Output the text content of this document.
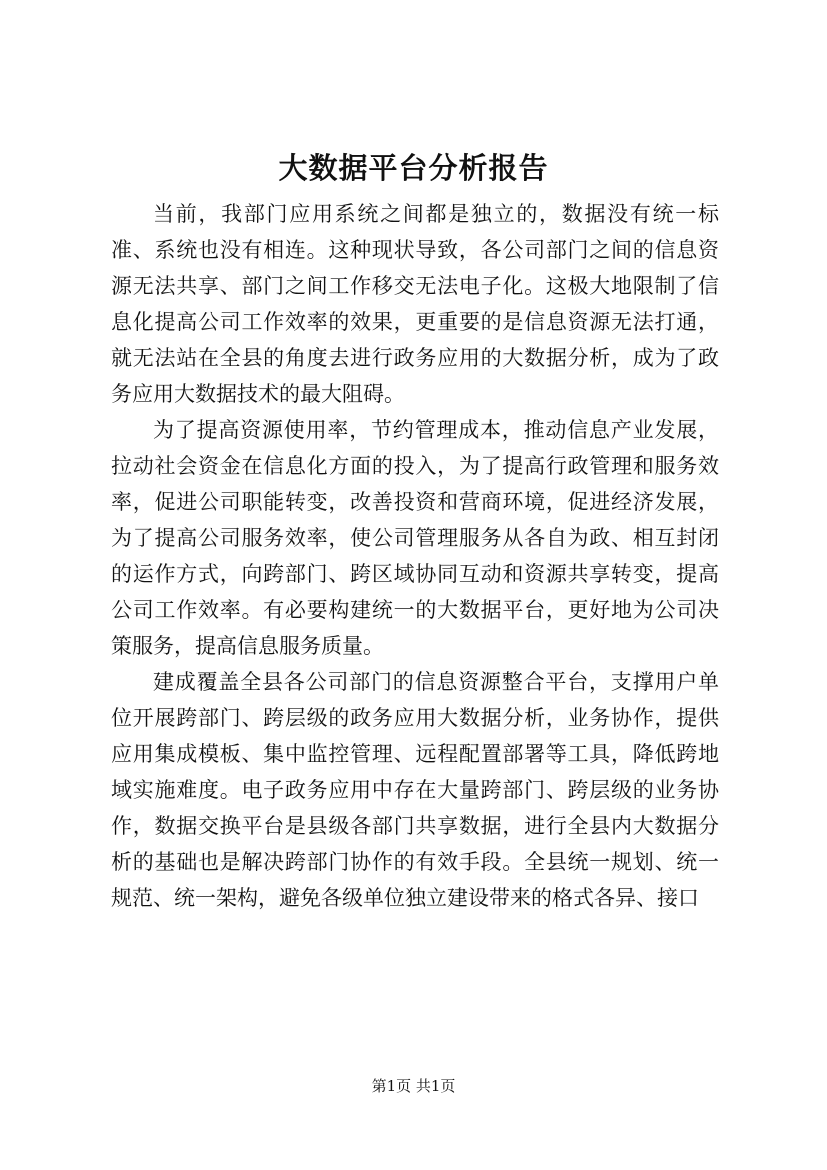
大数据平台分析报告

当前，我部门应用系统之间都是独立的，数据没有统一标准、系统也没有相连。这种现状导致，各公司部门之间的信息资源无法共享、部门之间工作移交无法电子化。这极大地限制了信息化提高公司工作效率的效果，更重要的是信息资源无法打通，就无法站在全县的角度去进行政务应用的大数据分析，成为了政务应用大数据技术的最大阻碍。

为了提高资源使用率，节约管理成本，推动信息产业发展，拉动社会资金在信息化方面的投入，为了提高行政管理和服务效率，促进公司职能转变，改善投资和营商环境，促进经济发展，为了提高公司服务效率，使公司管理服务从各自为政、相互封闭的运作方式，向跨部门、跨区域协同互动和资源共享转变，提高公司工作效率。有必要构建统一的大数据平台，更好地为公司决策服务，提高信息服务质量。

建成覆盖全县各公司部门的信息资源整合平台，支撑用户单位开展跨部门、跨层级的政务应用大数据分析，业务协作，提供应用集成模板、集中监控管理、远程配置部署等工具，降低跨地域实施难度。电子政务应用中存在大量跨部门、跨层级的业务协作，数据交换平台是县级各部门共享数据，进行全县内大数据分析的基础也是解决跨部门协作的有效手段。全县统一规划、统一规范、统一架构，避免各级单位独立建设带来的格式各异、接口

第1页 共1页
